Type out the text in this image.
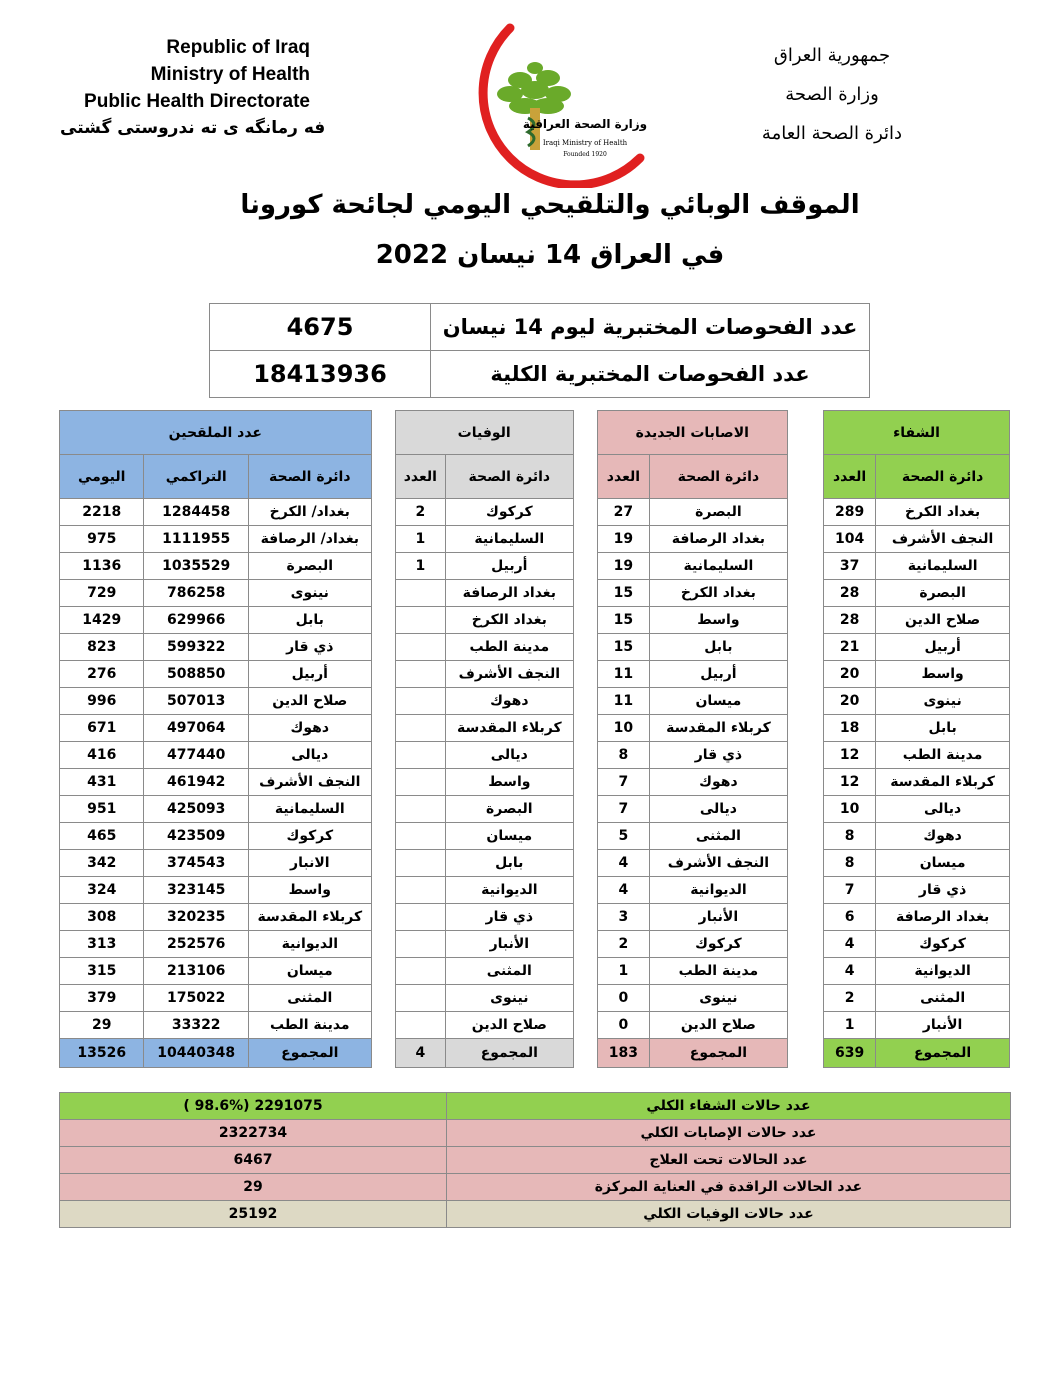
Republic of Iraq
Ministry of Health
Public Health Directorate
فه رمانگه ى ته ندروستى گشتى	وزارة الصحة العراقية
Iraqi Ministry of Health
Founded 1920
جمهورية العراق
وزارة الصحة
دائرة الصحة العامة
الموقف الوبائي والتلقيحي اليومي لجائحة كورونا
في العراق 14 نيسان 2022
4675	عدد الفحوصات المختبرية ليوم 14 نيسان
18413936	عدد الفحوصات المختبرية الكلية
عدد الملقحين				الوفيات			الاصابات الجديدة			الشفاء	
اليومي	التراكمي	دائرة الصحة		العدد	دائرة الصحة		العدد	دائرة الصحة		العدد	دائرة الصحة
2218	1284458	بغداد/ الكرخ		2	كركوك		27	البصرة		289	بغداد الكرخ
975	1111955	بغداد/ الرصافة		1	السليمانية		19	بغداد الرصافة		104	النجف الأشرف
1136	1035529	البصرة		1	أربيل		19	السليمانية		37	السليمانية
729	786258	نينوى			بغداد الرصافة		15	بغداد الكرخ		28	البصرة
1429	629966	بابل			بغداد الكرخ		15	واسط		28	صلاح الدين
823	599322	ذي قار			مدينة الطب		15	بابل		21	أربيل
276	508850	أربيل			النجف الأشرف		11	أربيل		20	واسط
996	507013	صلاح الدين			دهوك		11	ميسان		20	نينوى
671	497064	دهوك			كربلاء المقدسة		10	كربلاء المقدسة		18	بابل
416	477440	ديالى			ديالى		8	ذي قار		12	مدينة الطب
431	461942	النجف الأشرف			واسط		7	دهوك		12	كربلاء المقدسة
951	425093	السليمانية			البصرة		7	ديالى		10	ديالى
465	423509	كركوك			ميسان		5	المثنى		8	دهوك
342	374543	الانبار			بابل		4	النجف الأشرف		8	ميسان
324	323145	واسط			الديوانية		4	الديوانية		7	ذي قار
308	320235	كربلاء المقدسة			ذي قار		3	الأنبار		6	بغداد الرصافة
313	252576	الديوانية			الأنبار		2	كركوك		4	كركوك
315	213106	ميسان			المثنى		1	مدينة الطب		4	الديوانية
379	175022	المثنى			نينوى		0	نينوى		2	المثنى
29	33322	مدينة الطب			صلاح الدين		0	صلاح الدين		1	الأنبار
13526	10440348	المجموع		4	المجموع		183	المجموع		639	المجموع
( 98.6%) 2291075	عدد حالات الشفاء الكلي
2322734	عدد حالات الإصابات الكلي
6467	عدد الحالات تحت العلاج
29	عدد الحالات الراقدة في العناية المركزة
25192	عدد حالات الوفيات الكلي
